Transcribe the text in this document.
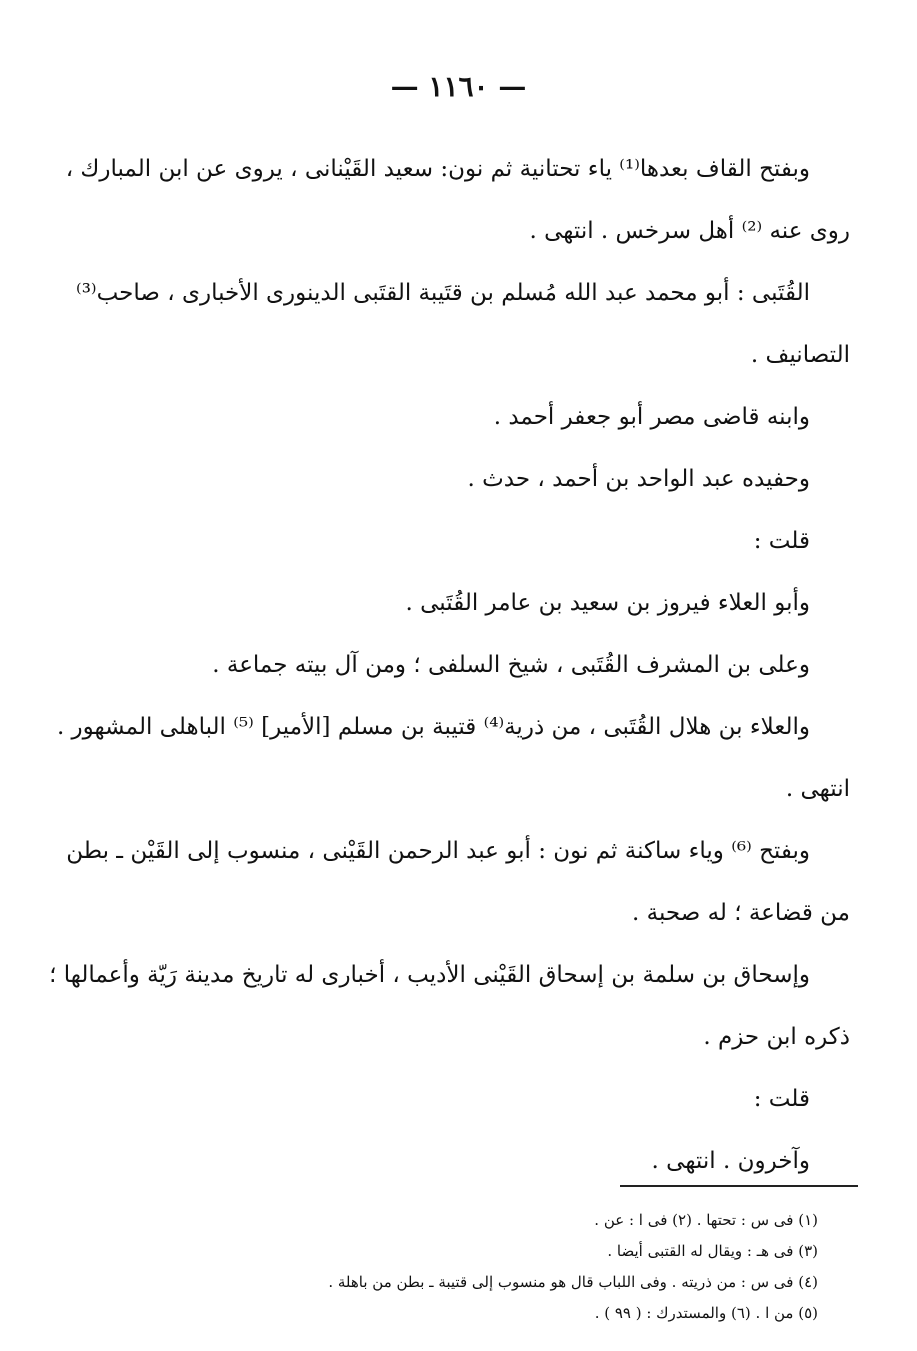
— ١١٦٠ —
وبفتح القاف بعدها⁽¹⁾ ياء تحتانية ثم نون: سعيد القَيْنانى ، يروى عن ابن المبارك ،
روى عنه ⁽²⁾ أهل سرخس . انتهى .
القُتَبى : أبو محمد عبد الله مُسلم بن قتَيبة القتَبى الدينورى الأخبارى ، صاحب⁽³⁾
التصانيف .
وابنه قاضى مصر أبو جعفر أحمد .
وحفيده عبد الواحد بن أحمد ، حدث .
قلت :
وأبو العلاء فيروز بن سعيد بن عامر القُتَبى .
وعلى بن المشرف القُتَبى ، شيخ السلفى ؛ ومن آل بيته جماعة .
والعلاء بن هلال القُتَبى ، من ذرية⁽⁴⁾ قتيبة بن مسلم [الأمير] ⁽⁵⁾ الباهلى المشهور .
انتهى .
وبفتح ⁽⁶⁾ وياء ساكنة ثم نون : أبو عبد الرحمن القَيْنى ، منسوب إلى القَيْن ـ بطن
من قضاعة ؛ له صحبة .
وإسحاق بن سلمة بن إسحاق القَيْنى الأديب ، أخبارى له تاريخ مدينة رَيّة وأعمالها ؛
ذكره ابن حزم .
قلت :
وآخرون . انتهى .
(١) فى س : تحتها . (٢) فى ا : عن .
(٣) فى هـ : ويقال له القتبى أيضا .
(٤) فى س : من ذريته . وفى اللباب قال هو منسوب إلى قتيبة ـ بطن من باهلة .
(٥) من ا . (٦) والمستدرك : ( ٩٩ ) .
